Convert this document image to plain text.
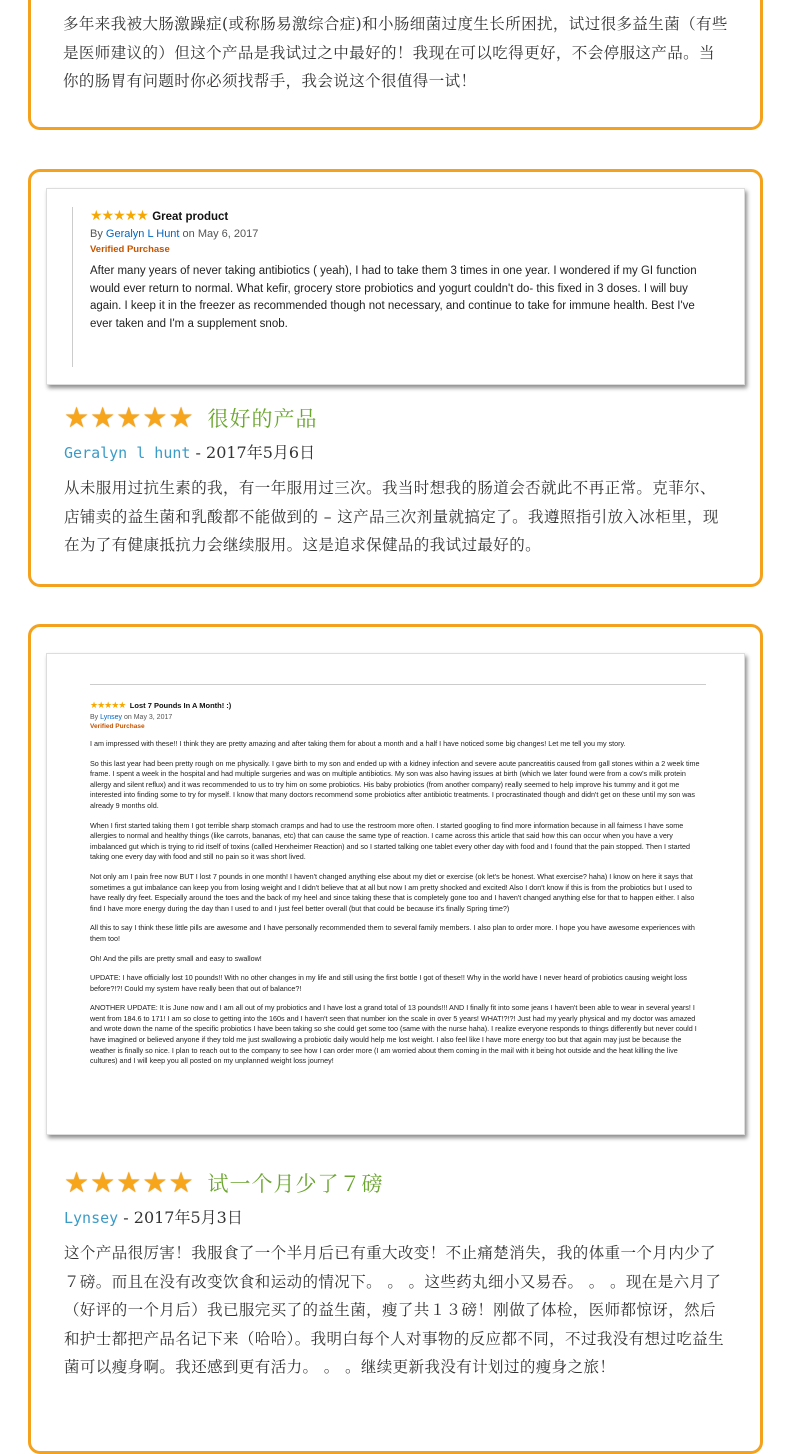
多年来我被大肠激躁症(或称肠易激综合症)和小肠细菌过度生长所困扰，试过很多益生菌（有些是医师建议的）但这个产品是我试过之中最好的！我现在可以吃得更好，不会停服这产品。当你的肠胃有问题时你必须找帮手，我会说这个很值得一试！
★★★★★ Great product
By Geralyn L Hunt on May 6, 2017
Verified Purchase
After many years of never taking antibiotics ( yeah), I had to take them 3 times in one year. I wondered if my GI function would ever return to normal. What kefir, grocery store probiotics and yogurt couldn't do- this fixed in 3 doses. I will buy again. I keep it in the freezer as recommended though not necessary, and continue to take for immune health. Best I've ever taken and I'm a supplement snob.
★ ★ ★ ★ ★ 很好的产品
Geralyn l hunt - 2017年5月6日
从未服用过抗生素的我，有一年服用过三次。我当时想我的肠道会否就此不再正常。克菲尔、店铺卖的益生菌和乳酸都不能做到的 – 这产品三次剂量就搞定了。我遵照指引放入冰柜里，现在为了有健康抵抗力会继续服用。这是追求保健品的我试过最好的。
★★★★★ Lost 7 Pounds In A Month! :)
By Lynsey on May 3, 2017
Verified Purchase

I am impressed with these!! I think they are pretty amazing and after taking them for about a month and a half I have noticed some big changes! Let me tell you my story.

So this last year had been pretty rough on me physically. I gave birth to my son and ended up with a kidney infection and severe acute pancreatitis caused from gall stones within a 2 week time frame. I spent a week in the hospital and had multiple surgeries and was on multiple antibiotics. My son was also having issues at birth (which we later found were from a cow's milk protein allergy and silent reflux) and it was recommended to us to try him on some probiotics. His baby probiotics (from another company) really seemed to help improve his tummy and it got me interested into finding some to try for myself. I know that many doctors recommend some probiotics after antibiotic treatments. I procrastinated though and didn't get on these until my son was already 9 months old.

When I first started taking them I got terrible sharp stomach cramps and had to use the restroom more often. I started googling to find more information because in all fairness I have some allergies to normal and healthy things (like carrots, bananas, etc) that can cause the same type of reaction. I came across this article that said how this can occur when you have a very imbalanced gut which is trying to rid itself of toxins (called Herxheimer Reaction) and so I started talking one tablet every other day with food and I found that the pain stopped. Then I started taking one every day with food and still no pain so it was short lived.

Not only am I pain free now BUT I lost 7 pounds in one month! I haven't changed anything else about my diet or exercise (ok let's be honest. What exercise? haha) I know on here it says that sometimes a gut imbalance can keep you from losing weight and I didn't believe that at all but now I am pretty shocked and excited! Also I don't know if this is from the probiotics but I used to have really dry feet. Especially around the toes and the back of my heel and since taking these that is completely gone too and I haven't changed anything else for that to happen either. I also find I have more energy during the day than I used to and I just feel better overall (but that could be because it's finally Spring time?)

All this to say I think these little pills are awesome and I have personally recommended them to several family members. I also plan to order more. I hope you have awesome experiences with them too!

Oh! And the pills are pretty small and easy to swallow!

UPDATE: I have officially lost 10 pounds!! With no other changes in my life and still using the first bottle I got of these!! Why in the world have I never heard of probiotics causing weight loss before?!?! Could my system have really been that out of balance?!

ANOTHER UPDATE: It is June now and I am all out of my probiotics and I have lost a grand total of 13 pounds!!! AND I finally fit into some jeans I haven't been able to wear in several years! I went from 184.6 to 171! I am so close to getting into the 160s and I haven't seen that number ion the scale in over 5 years! WHAT!?!?! Just had my yearly physical and my doctor was amazed and wrote down the name of the specific probiotics I have been taking so she could get some too (same with the nurse haha). I realize everyone responds to things differently but never could I have imagined or believed anyone if they told me just swallowing a probiotic daily would help me lost weight. I also feel like I have more energy too but that again may just be because the weather is finally so nice. I plan to reach out to the company to see how I can order more (I am worried about them coming in the mail with it being hot outside and the heat killing the live cultures) and I will keep you all posted on my unplanned weight loss journey!

★ ★ ★ ★ ★ 试一个月少了７磅
Lynsey - 2017年5月3日
这个产品很厉害！我服食了一个半月后已有重大改变！不止痛楚消失，我的体重一个月内少了７磅。而且在没有改变饮食和运动的情况下。 。 。这些药丸细小又易吞。 。 。现在是六月了（好评的一个月后）我已服完买了的益生菌，瘦了共１３磅！刚做了体检，医师都惊讶，然后和护士都把产品名记下来（哈哈）。我明白每个人对事物的反应都不同，不过我没有想过吃益生菌可以瘦身啊。我还感到更有活力。 。 。继续更新我没有计划过的瘦身之旅！
